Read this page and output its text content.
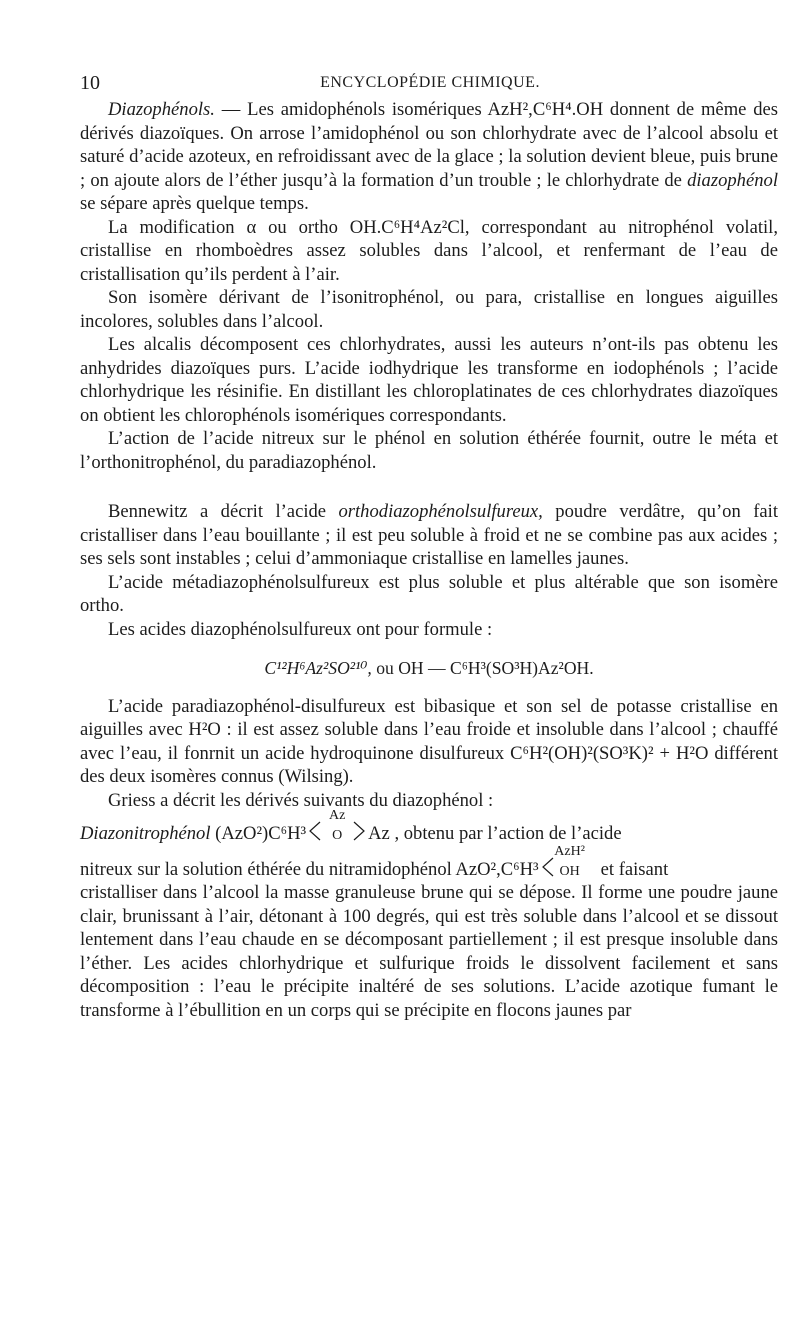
10	ENCYCLOPÉDIE CHIMIQUE.

Diazophénols. — Les amidophénols isomériques AzH²,C⁶H⁴.OH donnent de même des dérivés diazoïques. On arrose l’amidophénol ou son chlorhydrate avec de l’alcool absolu et saturé d’acide azoteux, en refroidissant avec de la glace ; la solution devient bleue, puis brune ; on ajoute alors de l’éther jusqu’à la formation d’un trouble ; le chlorhydrate de diazophénol se sépare après quelque temps.

La modification α ou ortho OH.C⁶H⁴Az²Cl, correspondant au nitrophénol volatil, cristallise en rhomboèdres assez solubles dans l’alcool, et renfermant de l’eau de cristallisation qu’ils perdent à l’air.

Son isomère dérivant de l’isonitrophénol, ou para, cristallise en longues aiguilles incolores, solubles dans l’alcool.

Les alcalis décomposent ces chlorhydrates, aussi les auteurs n’ont-ils pas obtenu les anhydrides diazoïques purs. L’acide iodhydrique les transforme en iodophénols ; l’acide chlorhydrique les résinifie. En distillant les chloroplatinates de ces chlorhydrates diazoïques on obtient les chlorophénols isomériques correspondants.

L’action de l’acide nitreux sur le phénol en solution éthérée fournit, outre le méta et l’orthonitrophénol, du paradiazophénol.

Bennewitz a décrit l’acide orthodiazophénolsulfureux, poudre verdâtre, qu’on fait cristalliser dans l’eau bouillante ; il est peu soluble à froid et ne se combine pas aux acides ; ses sels sont instables ; celui d’ammoniaque cristallise en lamelles jaunes.

L’acide métadiazophénolsulfureux est plus soluble et plus altérable que son isomère ortho.

Les acides diazophénolsulfureux ont pour formule :

C¹²H⁶Az²SO²¹⁰, ou OH — C⁶H³(SO³H)Az²OH.

L’acide paradiazophénol-disulfureux est bibasique et son sel de potasse cristallise en aiguilles avec H²O : il est assez soluble dans l’eau froide et insoluble dans l’alcool ; chauffé avec l’eau, il fonrnit un acide hydroquinone disulfureux C⁶H²(OH)²(SO³K)² + H²O différent des deux isomères connus (Wilsing).

Griess a décrit les dérivés suivants du diazophénol :

Diazonitrophénol (AzO²)C⁶H³
Az
O	Az , obtenu par l’action de l’acide

nitreux sur la solution éthérée du nitramidophénol AzO²,C⁶H³
AzH²
OH	et faisant

cristalliser dans l’alcool la masse granuleuse brune qui se dépose. Il forme une poudre jaune clair, brunissant à l’air, détonant à 100 degrés, qui est très soluble dans l’alcool et se dissout lentement dans l’eau chaude en se décomposant partiellement ; il est presque insoluble dans l’éther. Les acides chlorhydrique et sulfurique froids le dissolvent facilement et sans décomposition : l’eau le précipite inaltéré de ses solutions. L’acide azotique fumant le transforme à l’ébullition en un corps qui se précipite en flocons jaunes par
